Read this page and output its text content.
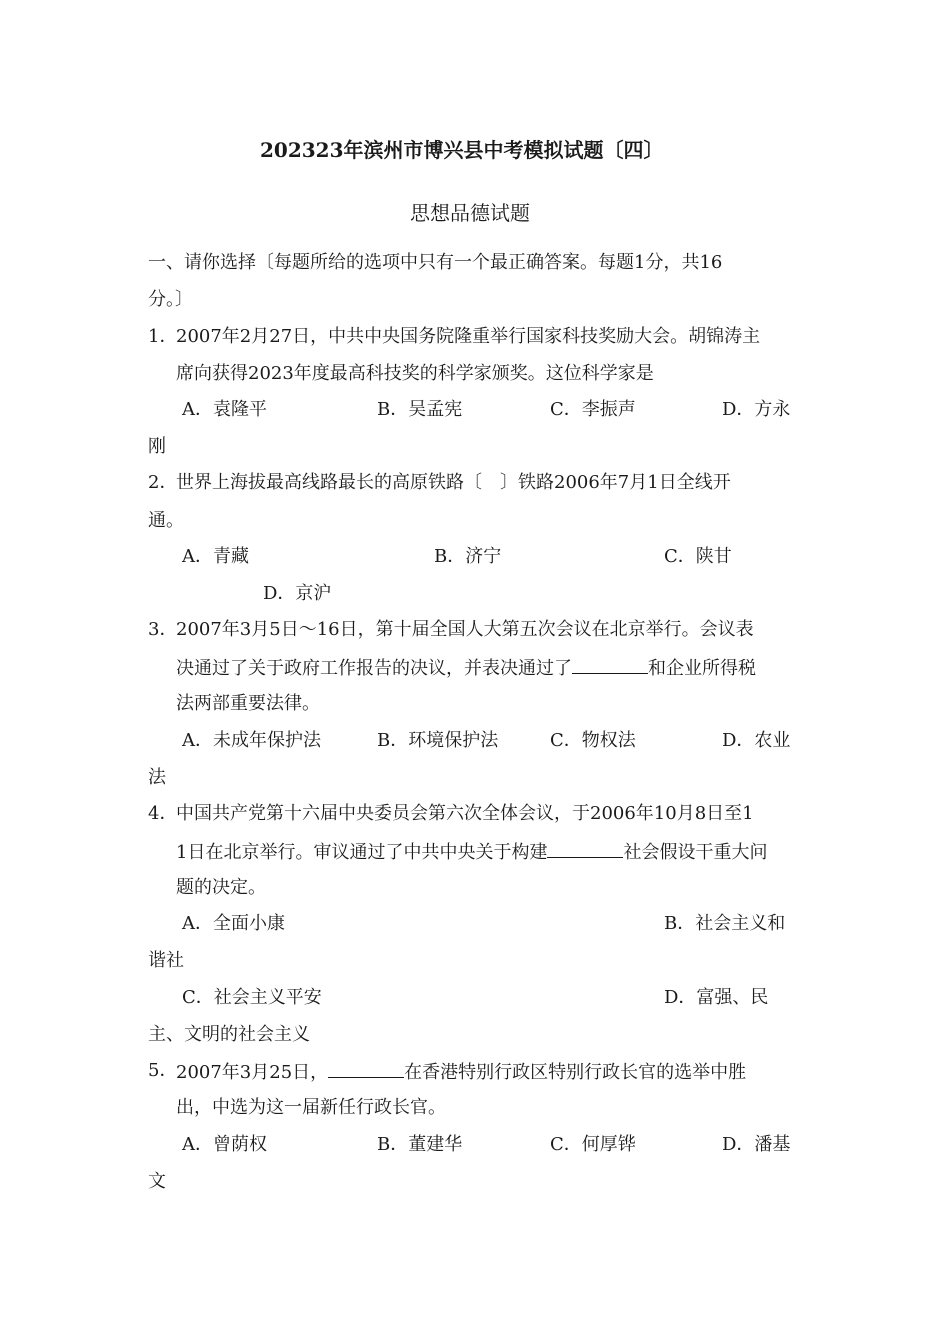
202323年滨州市博兴县中考模拟试题〔四〕
思想品德试题
一、请你选择〔每题所给的选项中只有一个最正确答案。每题1分，共16
分。〕
1．
2007年2月27日，中共中央国务院隆重举行国家科技奖励大会。胡锦涛主
席向获得2023年度最高科技奖的科学家颁奖。这位科学家是
A．袁隆平	B．吴孟宪	C．李振声	D．方永
刚
2．
世界上海拔最高线路最长的高原铁路〔　〕铁路2006年7月1日全线开
通。
A．青藏	B．济宁	C．陕甘
D．京沪
3．
2007年3月5日～16日，第十届全国人大第五次会议在北京举行。会议表
决通过了关于政府工作报告的决议，并表决通过了	和企业所得税
法两部重要法律。
A．未成年保护法	B．环境保护法	C．物权法	D．农业
法
4．
中国共产党第十六届中央委员会第六次全体会议，于2006年10月8日至1
1日在北京举行。审议通过了中共中央关于构建	社会假设干重大问
题的决定。
A．全面小康	B．社会主义和
谐社
C．社会主义平安	D．富强、民
主、文明的社会主义
5．
2007年3月25日，	在香港特别行政区特别行政长官的选举中胜
出，中选为这一届新任行政长官。
A．曾荫权	B．董建华	C．何厚铧	D．潘基
文
